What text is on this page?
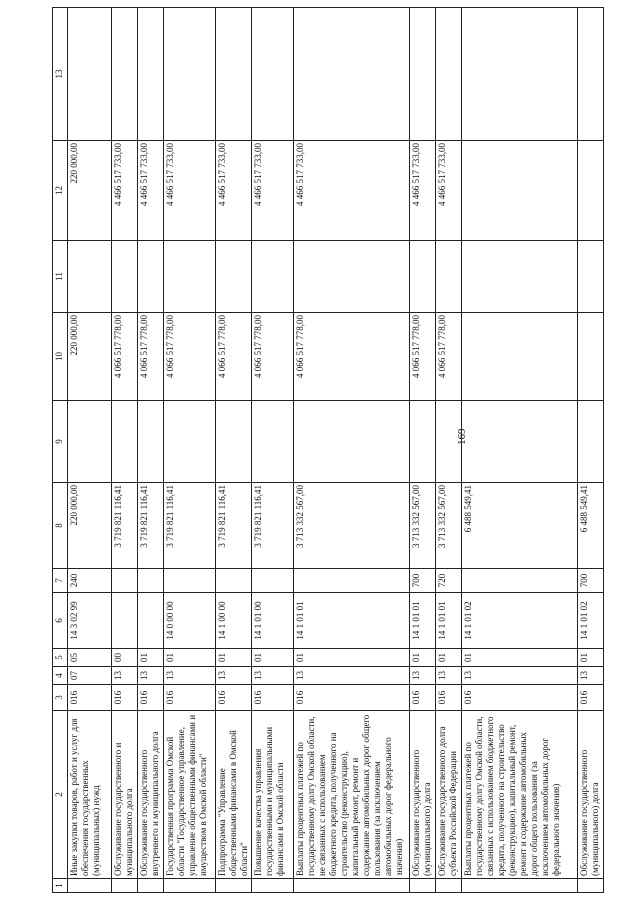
169
1	2	3	4	5	6	7	8	9	10	11	12	13
	Иные закупки товаров, работ и услуг для обеспечения государственных (муниципальных) нужд	016	07	05	14 3 02 99	240	220 000,00		220 000,00		220 000,00	
	Обслуживание государственного и муниципального долга	016	13	00			3 719 821 116,41		4 066 517 778,00		4 466 517 733,00	
	Обслуживание государственного внутреннего и муниципального долга	016	13	01			3 719 821 116,41		4 066 517 778,00		4 466 517 733,00	
	Государственная программа Омской области "Государственное управление, управление общественными финансами и имуществом в Омской области"	016	13	01	14 0 00 00		3 719 821 116,41		4 066 517 778,00		4 466 517 733,00	
	Подпрограмма "Управление общественными финансами в Омской области"	016	13	01	14 1 00 00		3 719 821 116,41		4 066 517 778,00		4 466 517 733,00	
	Повышение качества управления государственными и муниципальными финансами в Омской области	016	13	01	14 1 01 00		3 719 821 116,41		4 066 517 778,00		4 466 517 733,00	
	Выплаты процентных платежей по государственному долгу Омской области, не связанных с использованием бюджетного кредита, полученного на строительство (реконструкцию), капитальный ремонт, ремонт и содержание автомобильных дорог общего пользования (за исключением автомобильных дорог федерального значения)	016	13	01	14 1 01 01		3 713 332 567,00		4 066 517 778,00		4 466 517 733,00	
	Обслуживание государственного (муниципального) долга	016	13	01	14 1 01 01	700	3 713 332 567,00		4 066 517 778,00		4 466 517 733,00	
	Обслуживание государственного долга субъекта Российской Федерации	016	13	01	14 1 01 01	720	3 713 332 567,00		4 066 517 778,00		4 466 517 733,00	
	Выплаты процентных платежей по государственному долгу Омской области, связанных с использованием бюджетного кредита, полученного на строительство (реконструкцию), капитальный ремонт, ремонт и содержание автомобильных дорог общего пользования (за исключением автомобильных дорог федерального значения)	016	13	01	14 1 01 02		6 488 549,41					
	Обслуживание государственного (муниципального) долга	016	13	01	14 1 01 02	700	6 488 549,41					
